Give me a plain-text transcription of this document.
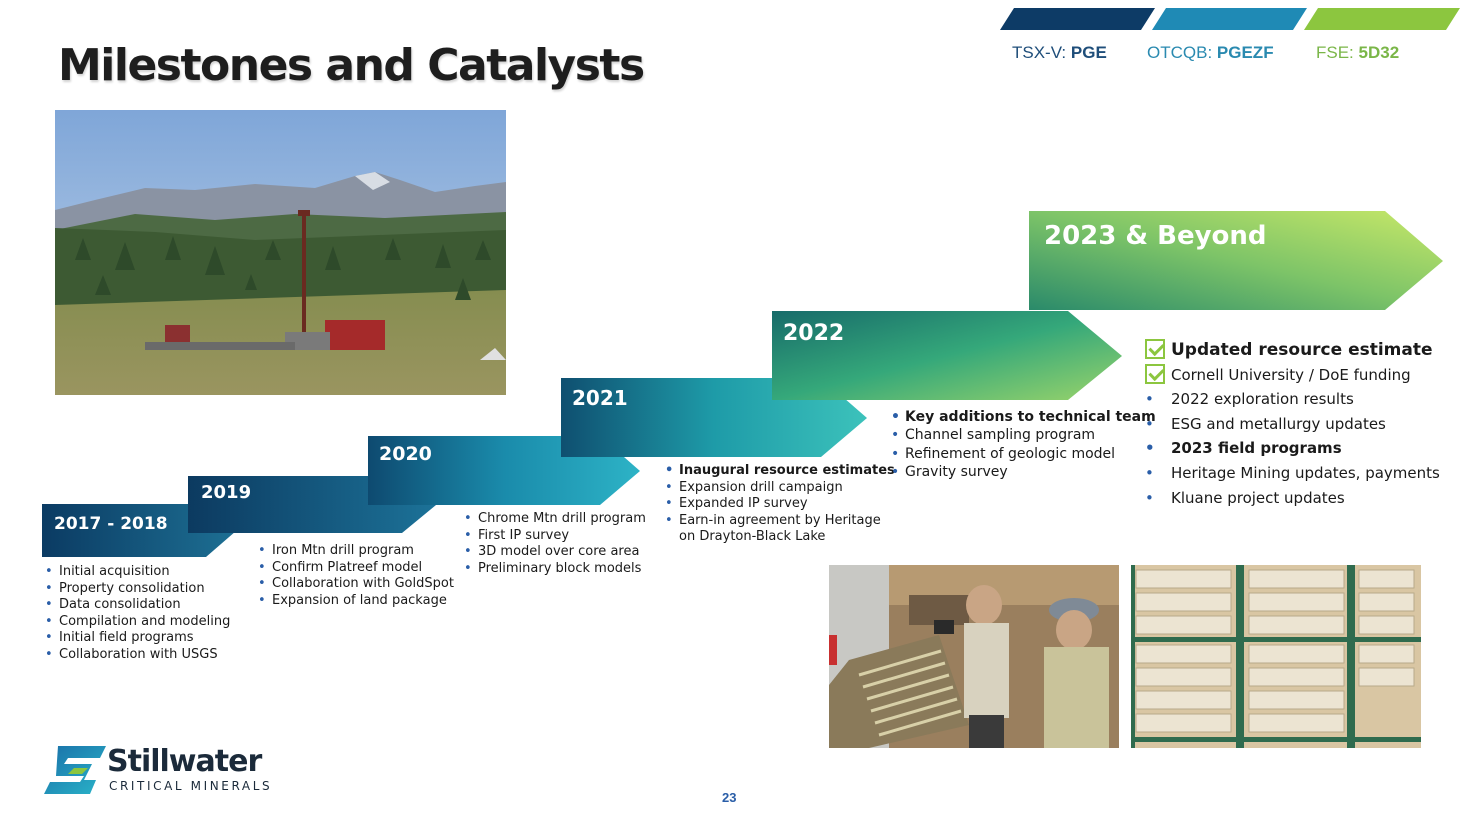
Milestones and Catalysts	TSX-V: PGE OTCQB: PGEZF FSE: 5D32
2017 - 2018
2019
2020
2021
2022
2023 & Beyond
• Initial acquisition
• Property consolidation
• Data consolidation
• Compilation and modeling
• Initial field programs
• Collaboration with USGS
• Iron Mtn drill program
• Confirm Platreef model
• Collaboration with GoldSpot
• Expansion of land package
• Chrome Mtn drill program
• First IP survey
• 3D model over core area
• Preliminary block models
• Inaugural resource estimates
• Expansion drill campaign
• Expanded IP survey
• Earn-in agreement by Heritage
on Drayton-Black Lake
• Key additions to technical team
• Channel sampling program
• Refinement of geologic model
• Gravity survey
Updated resource estimate
Cornell University / DoE funding
• 2022 exploration results
• ESG and metallurgy updates
• 2023 field programs
• Heritage Mining updates, payments
• Kluane project updates
Stillwater
CRITICAL MINERALS
23
